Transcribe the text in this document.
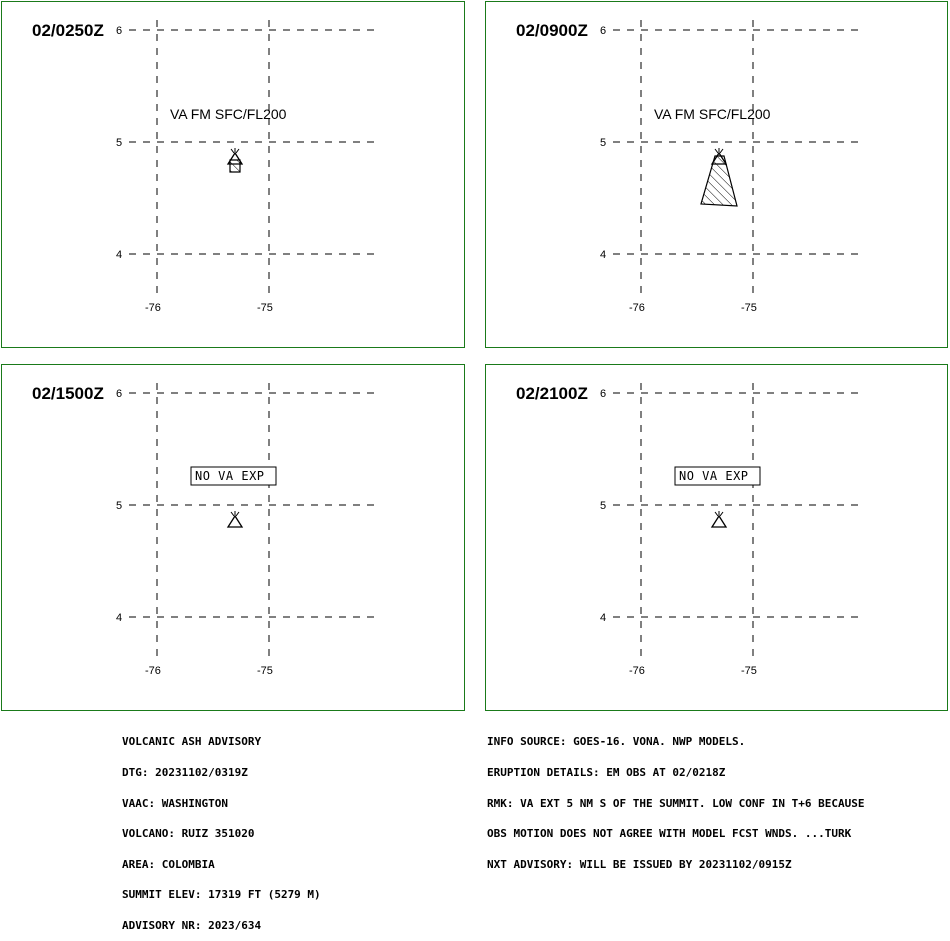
6
5
4
-76	-75
02/0250Z
VA FM SFC/FL200
6
5
4
-76	-75
02/0900Z
VA FM SFC/FL200
6
5
4
-76	-75
02/1500Z
NO VA EXP
6
5
4
-76	-75
02/2100Z
NO VA EXP

VOLCANIC ASH ADVISORY

DTG: 20231102/0319Z

VAAC: WASHINGTON

VOLCANO: RUIZ 351020

AREA: COLOMBIA

SUMMIT ELEV: 17319 FT (5279 M)

ADVISORY NR: 2023/634

INFO SOURCE: GOES-16. VONA. NWP MODELS.

ERUPTION DETAILS: EM OBS AT 02/0218Z

RMK: VA EXT 5 NM S OF THE SUMMIT. LOW CONF IN T+6 BECAUSE

OBS MOTION DOES NOT AGREE WITH MODEL FCST WNDS. ...TURK

NXT ADVISORY: WILL BE ISSUED BY 20231102/0915Z
